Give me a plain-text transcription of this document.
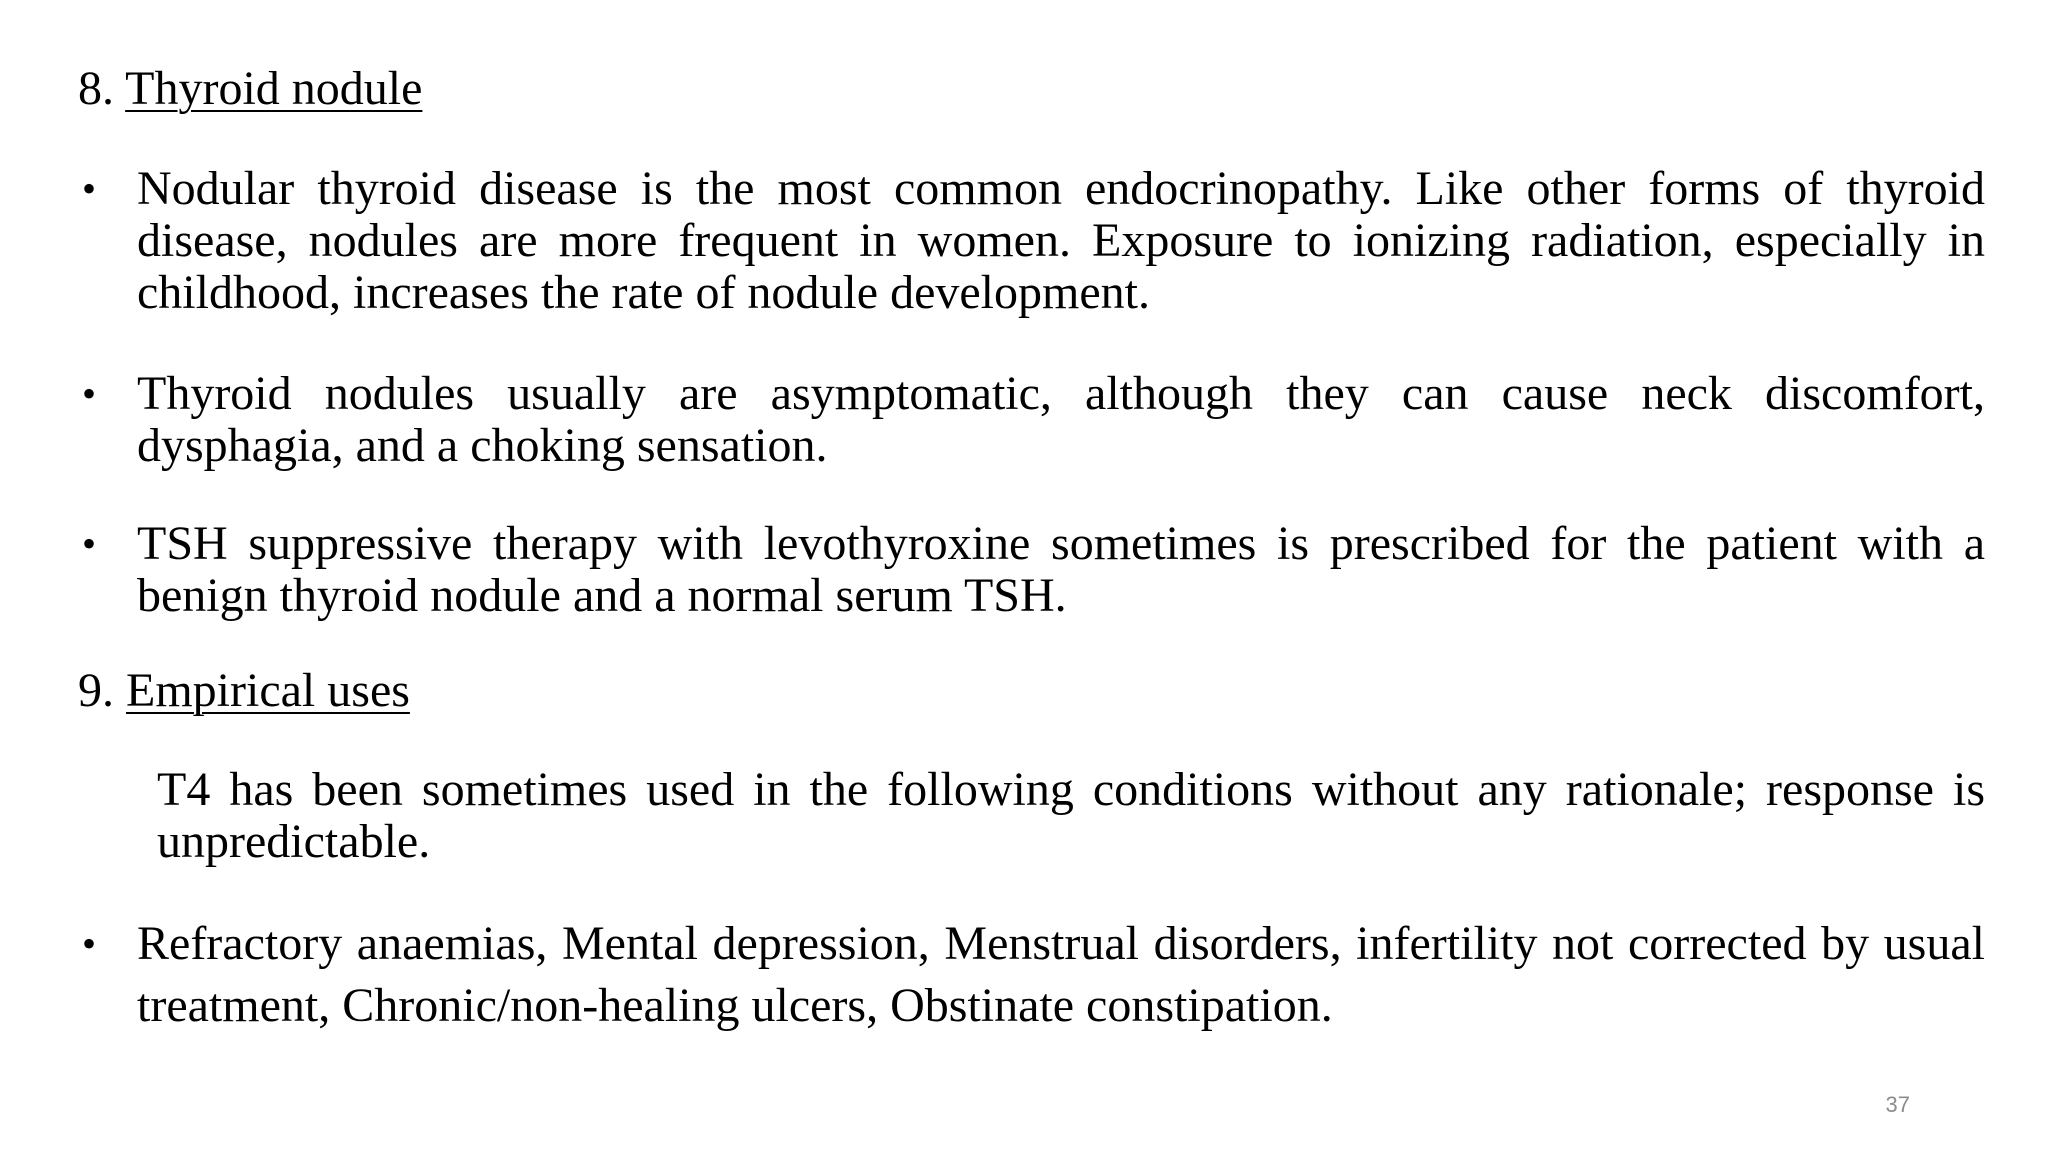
8. Thyroid nodule
• Nodular thyroid disease is the most common endocrinopathy. Like other forms of thyroid disease, nodules are more frequent in women. Exposure to ionizing radiation, especially in childhood, increases the rate of nodule development.
• Thyroid nodules usually are asymptomatic, although they can cause neck discomfort, dysphagia, and a choking sensation.
• TSH suppressive therapy with levothyroxine sometimes is prescribed for the patient with a benign thyroid nodule and a normal serum TSH.
9. Empirical uses
T4 has been sometimes used in the following conditions without any rationale; response is unpredictable.
• Refractory anaemias, Mental depression, Menstrual disorders, infertility not corrected by usual treatment, Chronic/non-healing ulcers, Obstinate constipation.
37
